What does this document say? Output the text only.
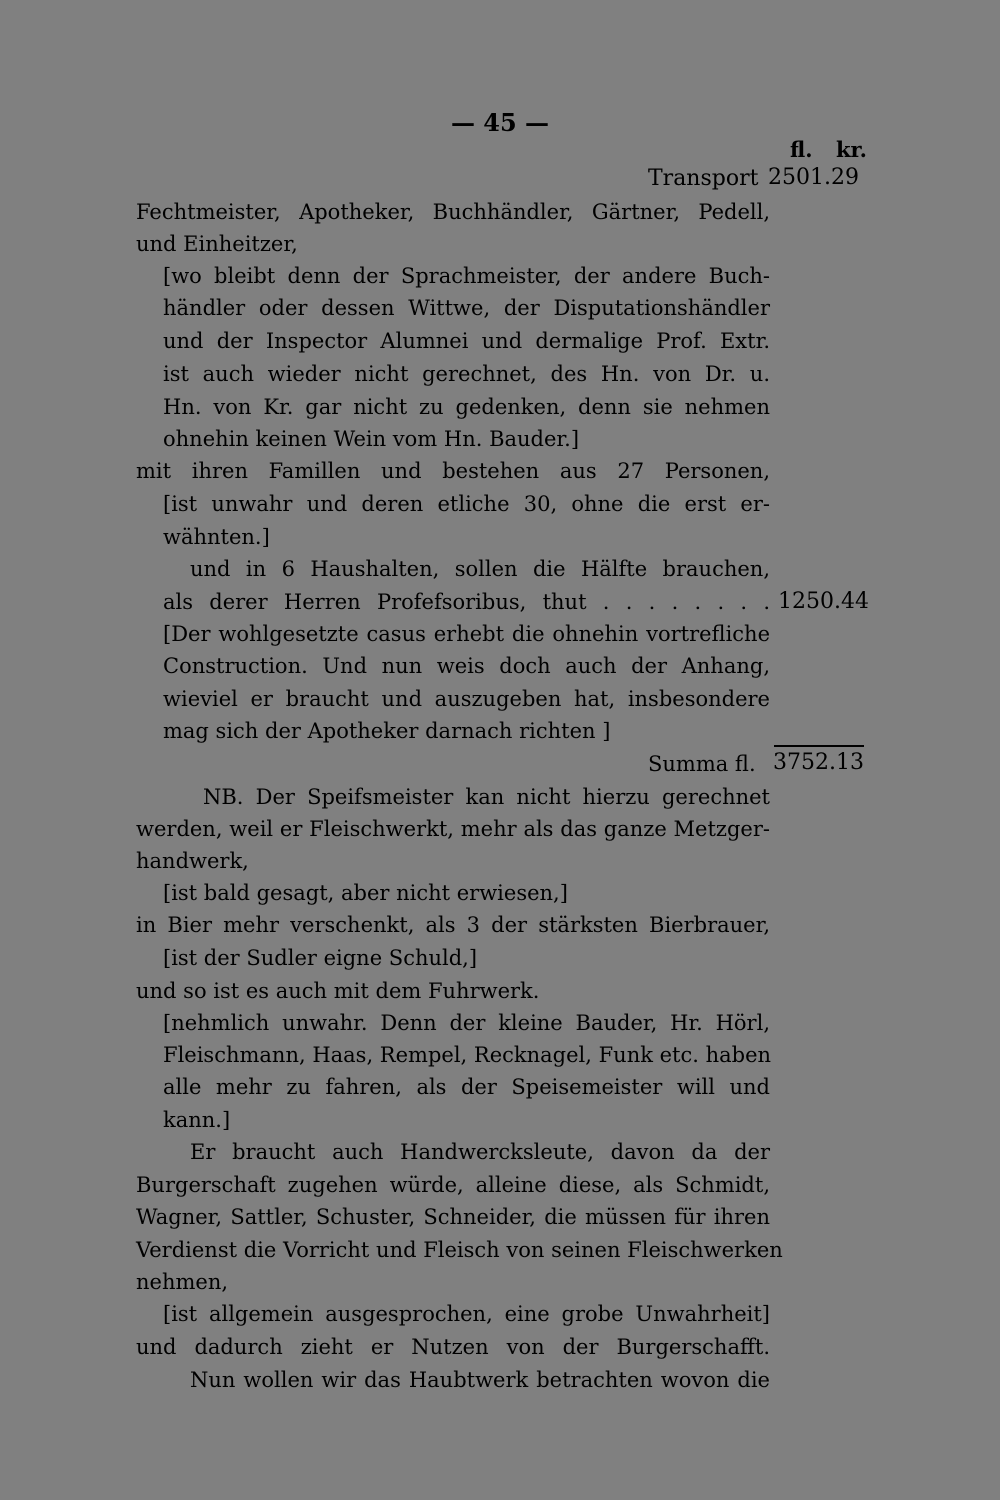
— 45 —
fl. kr.
Transport 2501.29
Fechtmeister, Apotheker, Buchhändler, Gärtner, Pedell,
und Einheitzer,
[wo bleibt denn der Sprachmeister, der andere Buch-
händler oder dessen Wittwe, der Disputationshändler
und der Inspector Alumnei und dermalige Prof. Extr.
ist auch wieder nicht gerechnet, des Hn. von Dr. u.
Hn. von Kr. gar nicht zu gedenken, denn sie nehmen
ohnehin keinen Wein vom Hn. Bauder.]
mit ihren Famillen und bestehen aus 27 Personen,
[ist unwahr und deren etliche 30, ohne die erst er-
wähnten.]
und in 6 Haushalten, sollen die Hälfte brauchen,
als derer Herren Profefsoribus, thut . . . . . . . . 1250.44
[Der wohlgesetzte casus erhebt die ohnehin vortrefliche
Construction. Und nun weis doch auch der Anhang,
wieviel er braucht und auszugeben hat, insbesondere
mag sich der Apotheker darnach richten ]
Summa fl. 3752.13
NB. Der Speifsmeister kan nicht hierzu gerechnet
werden, weil er Fleischwerkt, mehr als das ganze Metzger-
handwerk,
[ist bald gesagt, aber nicht erwiesen,]
in Bier mehr verschenkt, als 3 der stärksten Bierbrauer,
[ist der Sudler eigne Schuld,]
und so ist es auch mit dem Fuhrwerk.
[nehmlich unwahr. Denn der kleine Bauder, Hr. Hörl,
Fleischmann, Haas, Rempel, Recknagel, Funk etc. haben
alle mehr zu fahren, als der Speisemeister will und
kann.]
Er braucht auch Handwercksleute, davon da der
Burgerschaft zugehen würde, alleine diese, als Schmidt,
Wagner, Sattler, Schuster, Schneider, die müssen für ihren
Verdienst die Vorricht und Fleisch von seinen Fleischwerken
nehmen,
[ist allgemein ausgesprochen, eine grobe Unwahrheit]
und dadurch zieht er Nutzen von der Burgerschafft.
Nun wollen wir das Haubtwerk betrachten wovon die
